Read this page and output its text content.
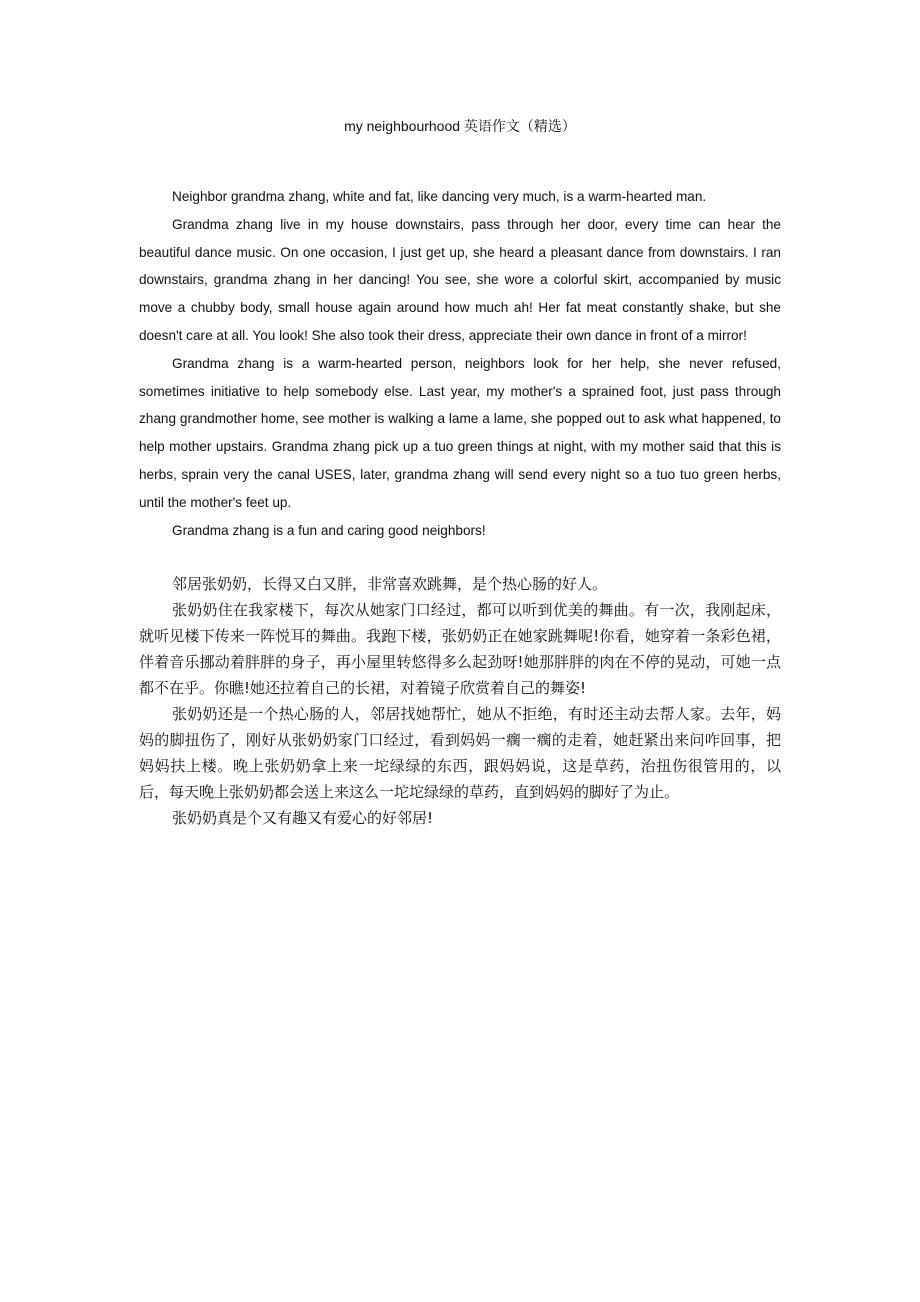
my neighbourhood 英语作文（精选）

Neighbor grandma zhang, white and fat, like dancing very much, is a warm-hearted man.

Grandma zhang live in my house downstairs, pass through her door, every time can hear the beautiful dance music. On one occasion, I just get up, she heard a pleasant dance from downstairs. I ran downstairs, grandma zhang in her dancing! You see, she wore a colorful skirt, accompanied by music move a chubby body, small house again around how much ah! Her fat meat constantly shake, but she doesn't care at all. You look! She also took their dress, appreciate their own dance in front of a mirror!

Grandma zhang is a warm-hearted person, neighbors look for her help, she never refused, sometimes initiative to help somebody else. Last year, my mother's a sprained foot, just pass through zhang grandmother home, see mother is walking a lame a lame, she popped out to ask what happened, to help mother upstairs. Grandma zhang pick up a tuo green things at night, with my mother said that this is herbs, sprain very the canal USES, later, grandma zhang will send every night so a tuo tuo green herbs, until the mother's feet up.

Grandma zhang is a fun and caring good neighbors!

邻居张奶奶，长得又白又胖，非常喜欢跳舞，是个热心肠的好人。

张奶奶住在我家楼下，每次从她家门口经过，都可以听到优美的舞曲。有一次，我刚起床，就听见楼下传来一阵悦耳的舞曲。我跑下楼，张奶奶正在她家跳舞呢!你看，她穿着一条彩色裙，伴着音乐挪动着胖胖的身子，再小屋里转悠得多么起劲呀!她那胖胖的肉在不停的晃动，可她一点都不在乎。你瞧!她还拉着自己的长裙，对着镜子欣赏着自己的舞姿!

张奶奶还是一个热心肠的人，邻居找她帮忙，她从不拒绝，有时还主动去帮人家。去年，妈妈的脚扭伤了，刚好从张奶奶家门口经过，看到妈妈一瘸一瘸的走着，她赶紧出来问咋回事，把妈妈扶上楼。晚上张奶奶拿上来一坨绿绿的东西，跟妈妈说，这是草药，治扭伤很管用的，以后，每天晚上张奶奶都会送上来这么一坨坨绿绿的草药，直到妈妈的脚好了为止。

张奶奶真是个又有趣又有爱心的好邻居!
